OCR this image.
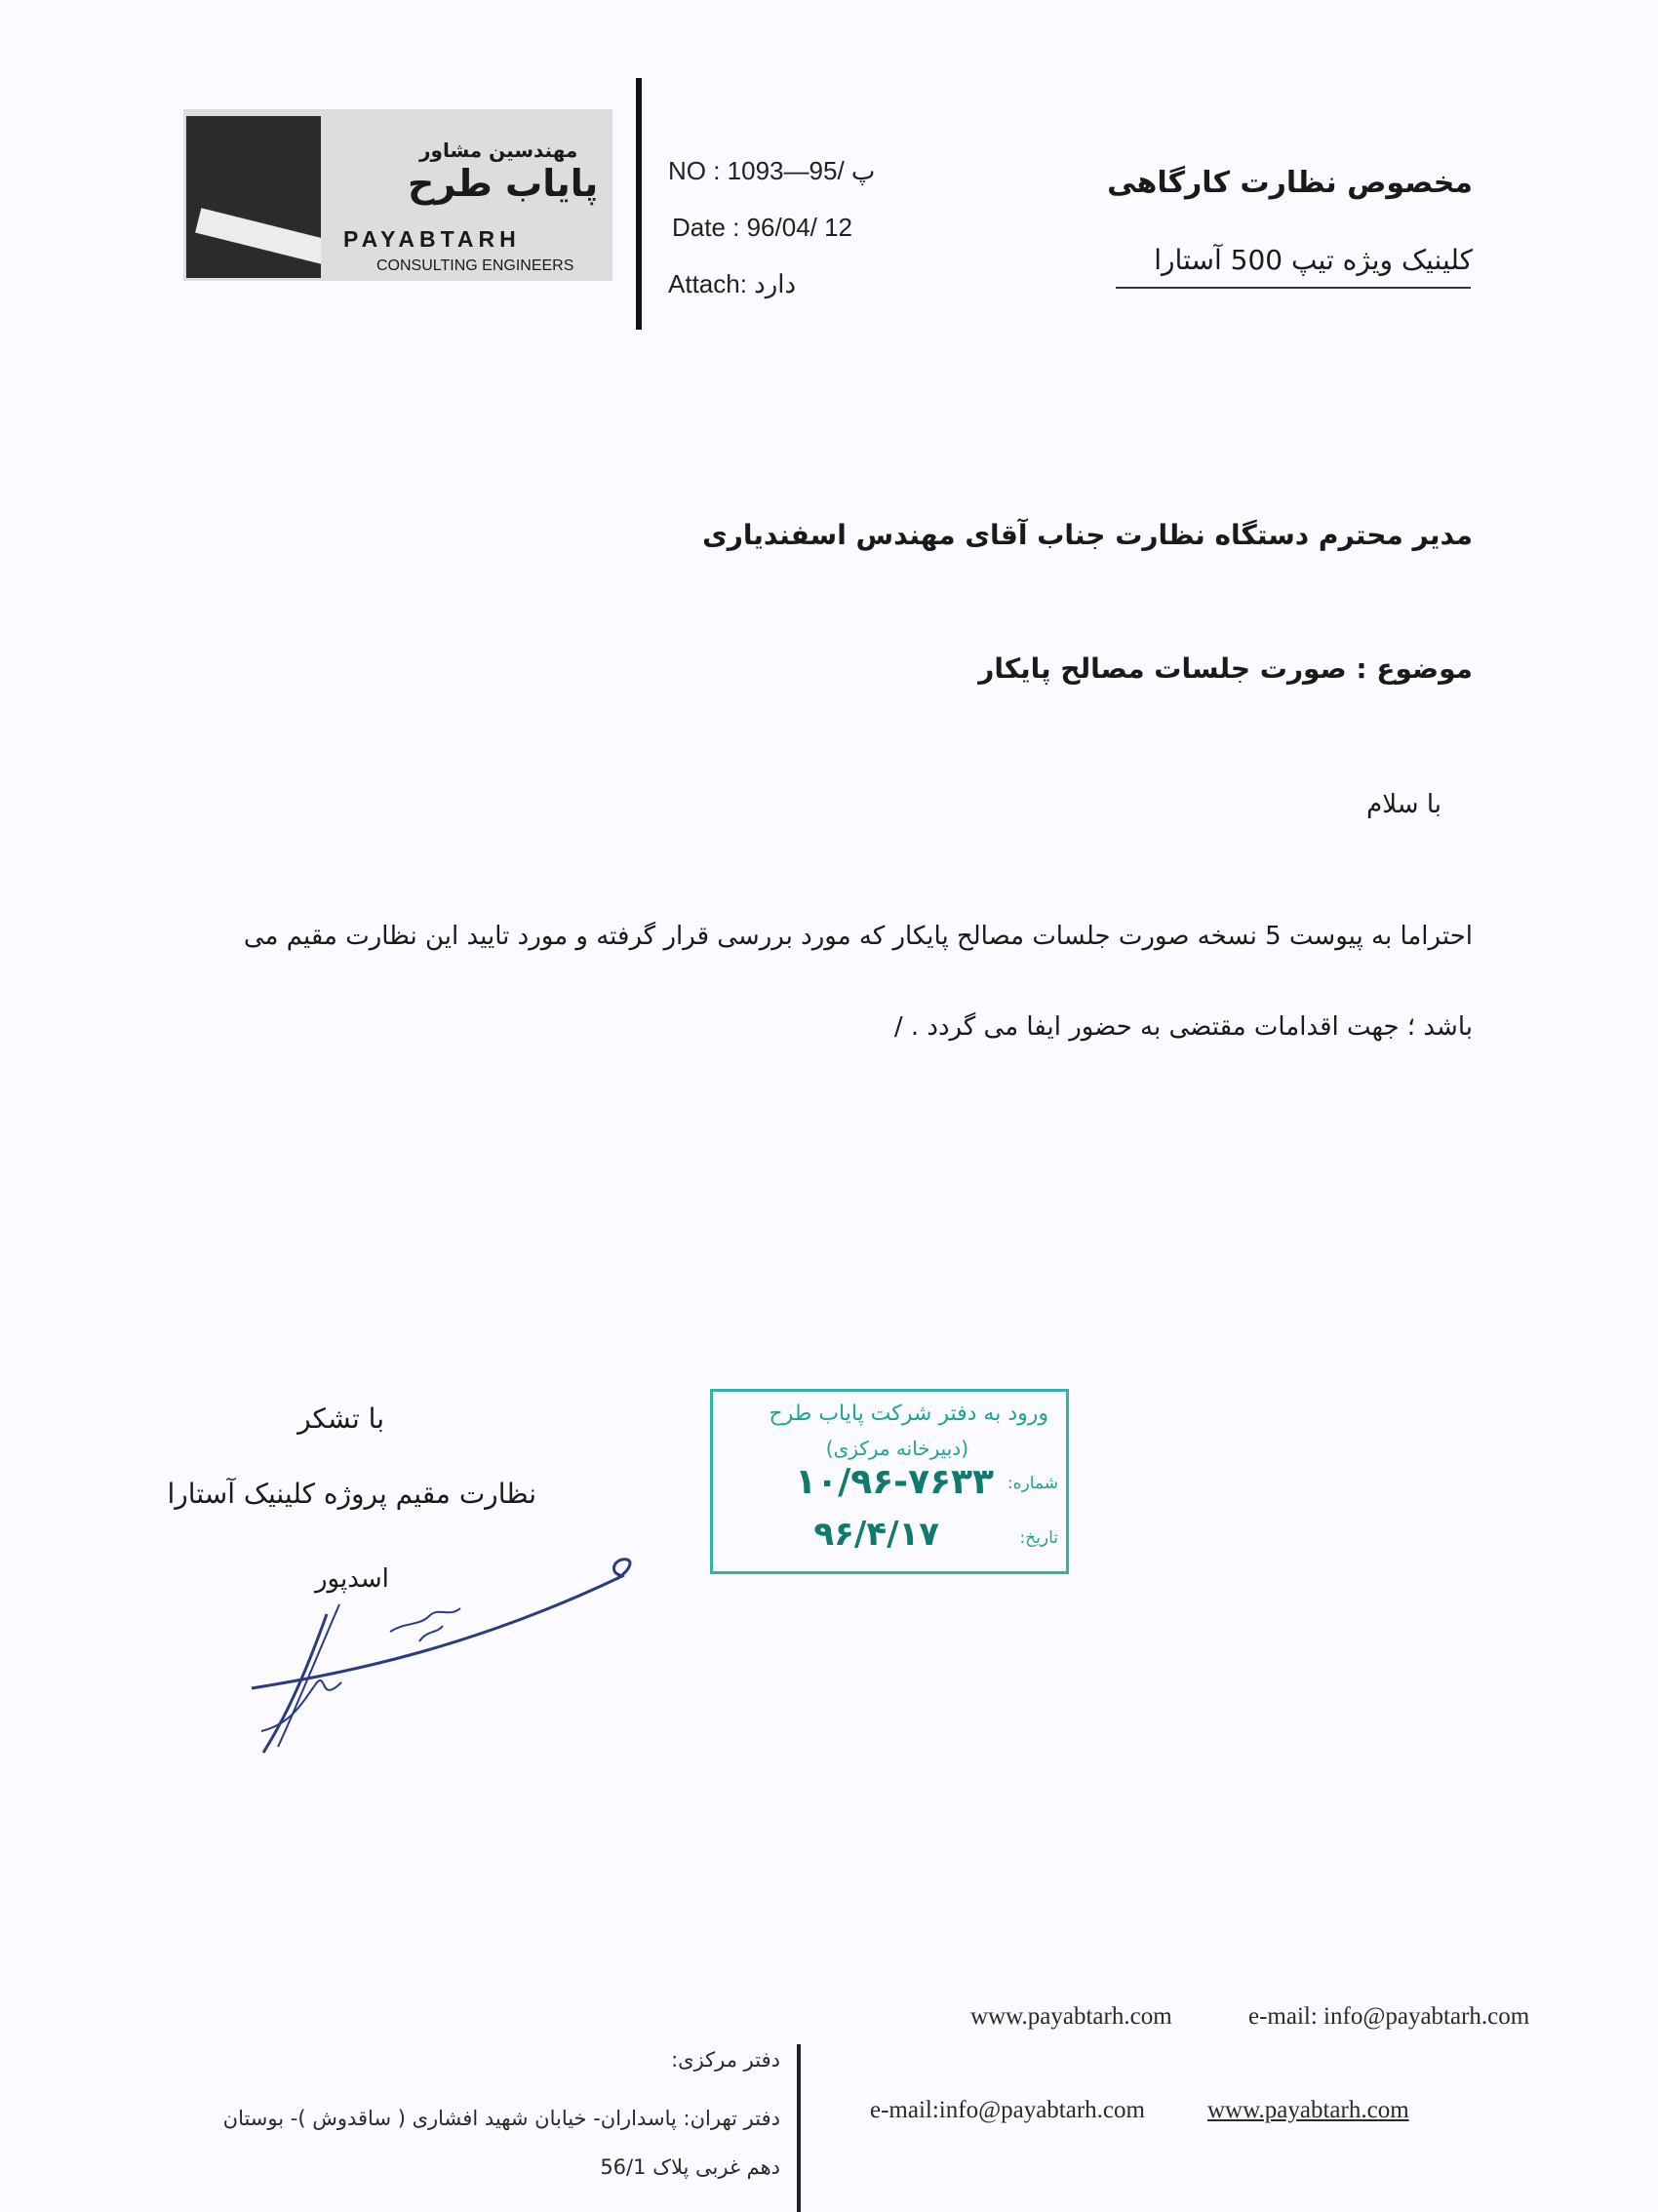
مهندسین مشاور
پایاب طرح
PAYABTARH
CONSULTING ENGINEERS
NO : پ /95—1093
Date : 96/04/ 12
Attach: دارد
مخصوص نظارت کارگاهی
کلینیک ویژه تیپ 500 آستارا
مدیر محترم دستگاه نظارت جناب آقای مهندس اسفندیاری
موضوع : صورت جلسات مصالح پایکار
با سلام
احتراما به پیوست 5 نسخه صورت جلسات مصالح پایکار که مورد بررسی قرار گرفته و مورد تایید این نظارت مقیم می
باشد ؛ جهت اقدامات مقتضی به حضور ایفا می گردد . /
با تشکر
نظارت مقیم پروژه کلینیک آستارا
اسدپور
ورود به دفتر شرکت پایاب طرح
(دبیرخانه مرکزی)
شماره:
۱۰/۹۶-۷۶۳۳
تاریخ:
۹۶/۴/۱۷
www.payabtarh.com	e-mail: info@payabtarh.com
دفتر مرکزی:
دفتر تهران: پاسداران- خیابان شهید افشاری ( ساقدوش )- بوستان
دهم غربی پلاک 56/1
e-mail:info@payabtarh.com	www.payabtarh.com
